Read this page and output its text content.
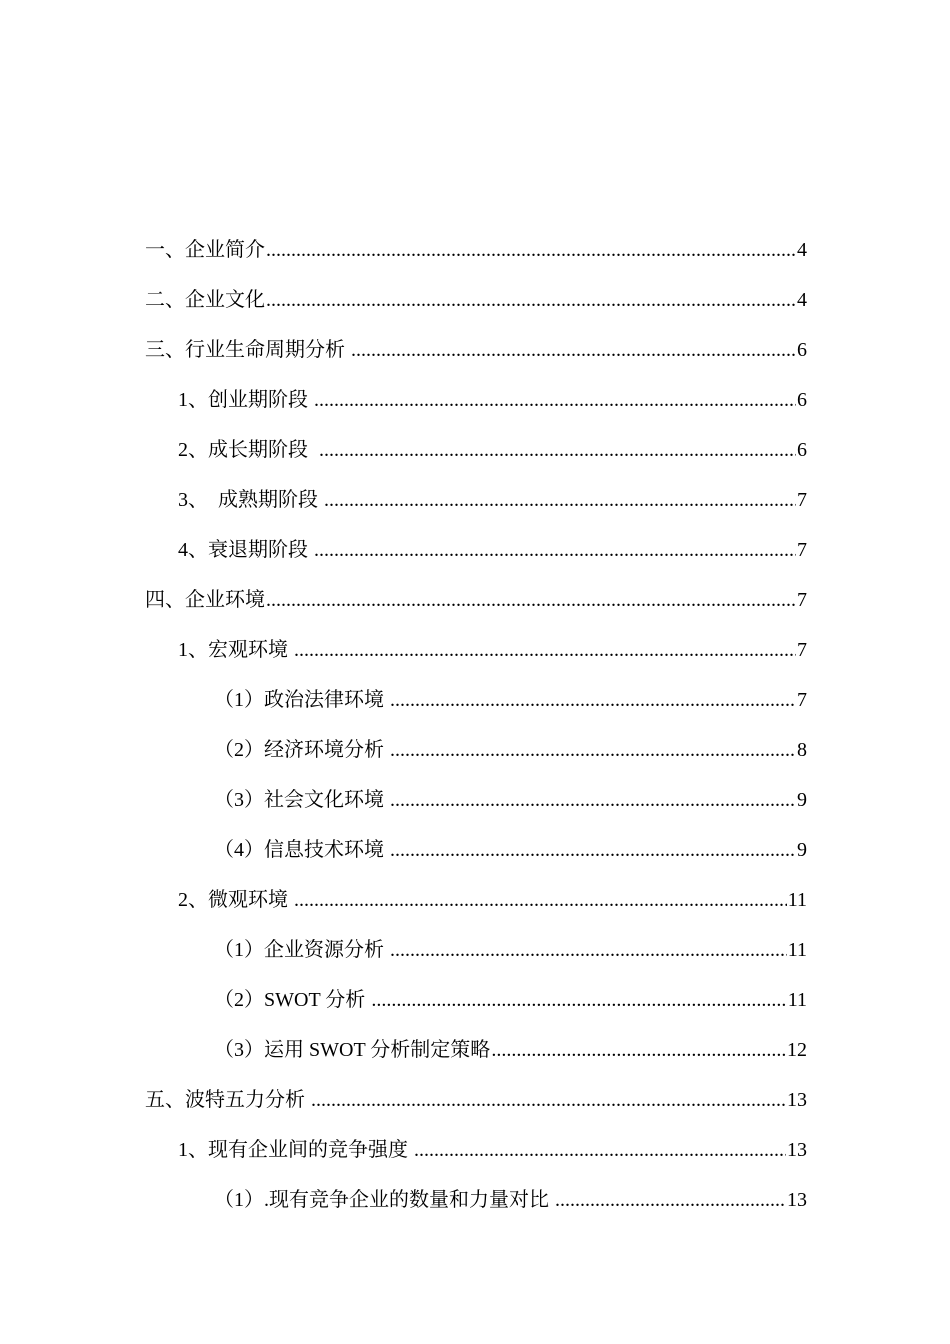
一、企业简介 .....	4
二、企业文化 .....	4
三、行业生命周期分析 .....	6
1、创业期阶段 .....	6
2、成长期阶段 .....	6
3、  成熟期阶段 .....	7
4、衰退期阶段 .....	7
四、企业环境 .....	7
1、宏观环境 .....	7
（1）政治法律环境 .....	7
（2）经济环境分析 .....	8
（3）社会文化环境 .....	9
（4）信息技术环境 .....	9
2、微观环境 .....	11
（1）企业资源分析 .....	11
（2）SWOT 分析 .....	11
（3）运用 SWOT 分析制定策略 .....	12
五、波特五力分析 .....	13
1、现有企业间的竞争强度 .....	13
（1）.现有竞争企业的数量和力量对比 .....	13
